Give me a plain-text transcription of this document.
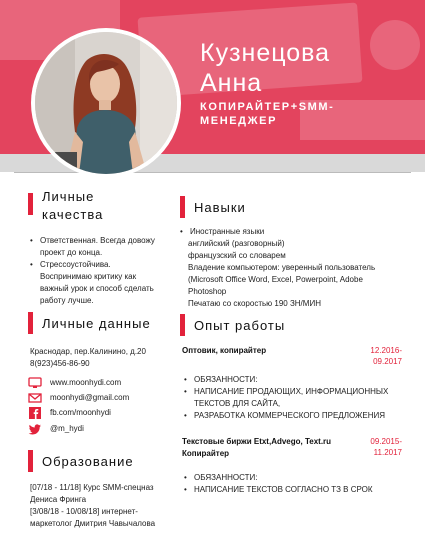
Кузнецова
Анна
КОПИРАЙТЕР+SMM-
МЕНЕДЖЕР
Личные
качества
• Ответственная. Всегда довожу
проект до конца.
• Стрессоустойчива.
Воспринимаю критику как
важный урок и способ сделать
работу лучше.
Личные данные
Краснодар, пер.Калинино, д.20
8(923)456-86-90
www.moonhydi.com
moonhydi@gmail.com
fb.com/moonhydi
@m_hydi
Образование
[07/18 - 11/18] Курс SMM-спецназ
Дениса Фринга
[3/08/18 - 10/08/18] интернет-
маркетолог Дмитрия Чавычалова
Навыки
• Иностранные языки
английский (разговорный)
французский со словарем
Владение компьютером: уверенный пользователь
(Microsoft Office Word, Excel, Powerpoint, Adobe
Photoshop
Печатаю со скоростью 190 ЗН/МИН
Опыт работы
Оптовик, копирайтер	12.2016-
09.2017
• ОБЯЗАННОСТИ:
• НАПИСАНИЕ ПРОДАЮЩИХ, ИНФОРМАЦИОННЫХ
ТЕКСТОВ ДЛЯ САЙТА,
• РАЗРАБОТКА КОММЕРЧЕСКОГО ПРЕДЛОЖЕНИЯ
Текстовые биржи Etxt,Advego, Text.ru
Копирайтер
09.2015-
11.2017
• ОБЯЗАННОСТИ:
• НАПИСАНИЕ ТЕКСТОВ СОГЛАСНО ТЗ В СРОК
